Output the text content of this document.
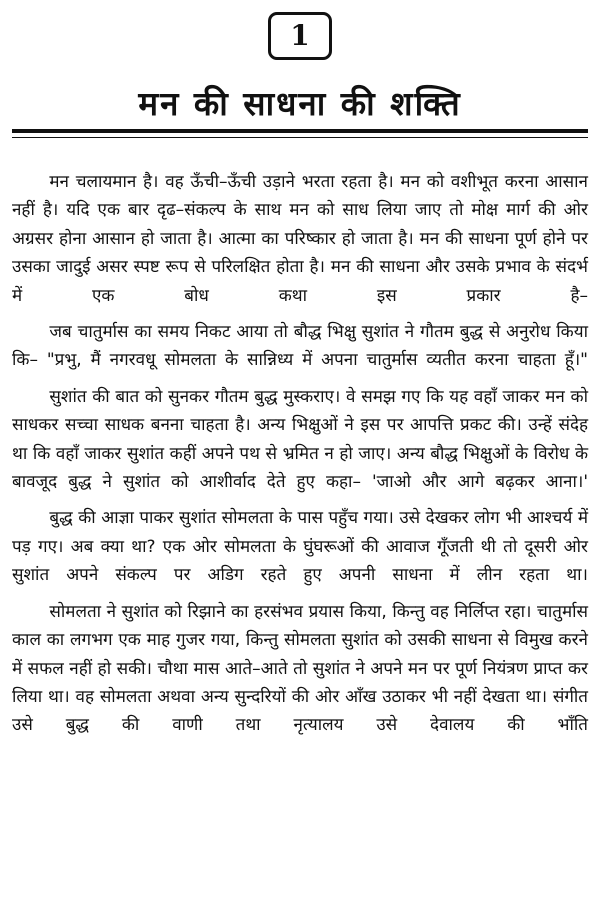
1
मन की साधना की शक्ति

मन चलायमान है। वह ऊँची–ऊँची उड़ाने भरता रहता है। मन को वशीभूत करना आसान नहीं है। यदि एक बार दृढ–संकल्प के साथ मन को साध लिया जाए तो मोक्ष मार्ग की ओर अग्रसर होना आसान हो जाता है। आत्मा का परिष्कार हो जाता है। मन की साधना पूर्ण होने पर उसका जादुई असर स्पष्ट रूप से परिलक्षित होता है। मन की साधना और उसके प्रभाव के संदर्भ में एक बोध कथा इस प्रकार है–

जब चातुर्मास का समय निकट आया तो बौद्ध भिक्षु सुशांत ने गौतम बुद्ध से अनुरोध किया कि– "प्रभु, मैं नगरवधू सोमलता के सान्निध्य में अपना चातुर्मास व्यतीत करना चाहता हूँ।"

सुशांत की बात को सुनकर गौतम बुद्ध मुस्कराए। वे समझ गए कि यह वहाँ जाकर मन को साधकर सच्चा साधक बनना चाहता है। अन्य भिक्षुओं ने इस पर आपत्ति प्रकट की। उन्हें संदेह था कि वहाँ जाकर सुशांत कहीं अपने पथ से भ्रमित न हो जाए। अन्य बौद्ध भिक्षुओं के विरोध के बावजूद बुद्ध ने सुशांत को आशीर्वाद देते हुए कहा– 'जाओ और आगे बढ़कर आना।'

बुद्ध की आज्ञा पाकर सुशांत सोमलता के पास पहुँच गया। उसे देखकर लोग भी आश्चर्य में पड़ गए। अब क्या था? एक ओर सोमलता के घुंघरूओं की आवाज गूँजती थी तो दूसरी ओर सुशांत अपने संकल्प पर अडिग रहते हुए अपनी साधना में लीन रहता था।

सोमलता ने सुशांत को रिझाने का हरसंभव प्रयास किया, किन्तु वह निर्लिप्त रहा। चातुर्मास काल का लगभग एक माह गुजर गया, किन्तु सोमलता सुशांत को उसकी साधना से विमुख करने में सफल नहीं हो सकी। चौथा मास आते–आते तो सुशांत ने अपने मन पर पूर्ण नियंत्रण प्राप्त कर लिया था। वह सोमलता अथवा अन्य सुन्दरियों की ओर आँख उठाकर भी नहीं देखता था। संगीत उसे बुद्ध की वाणी तथा नृत्यालय उसे देवालय की भाँति
